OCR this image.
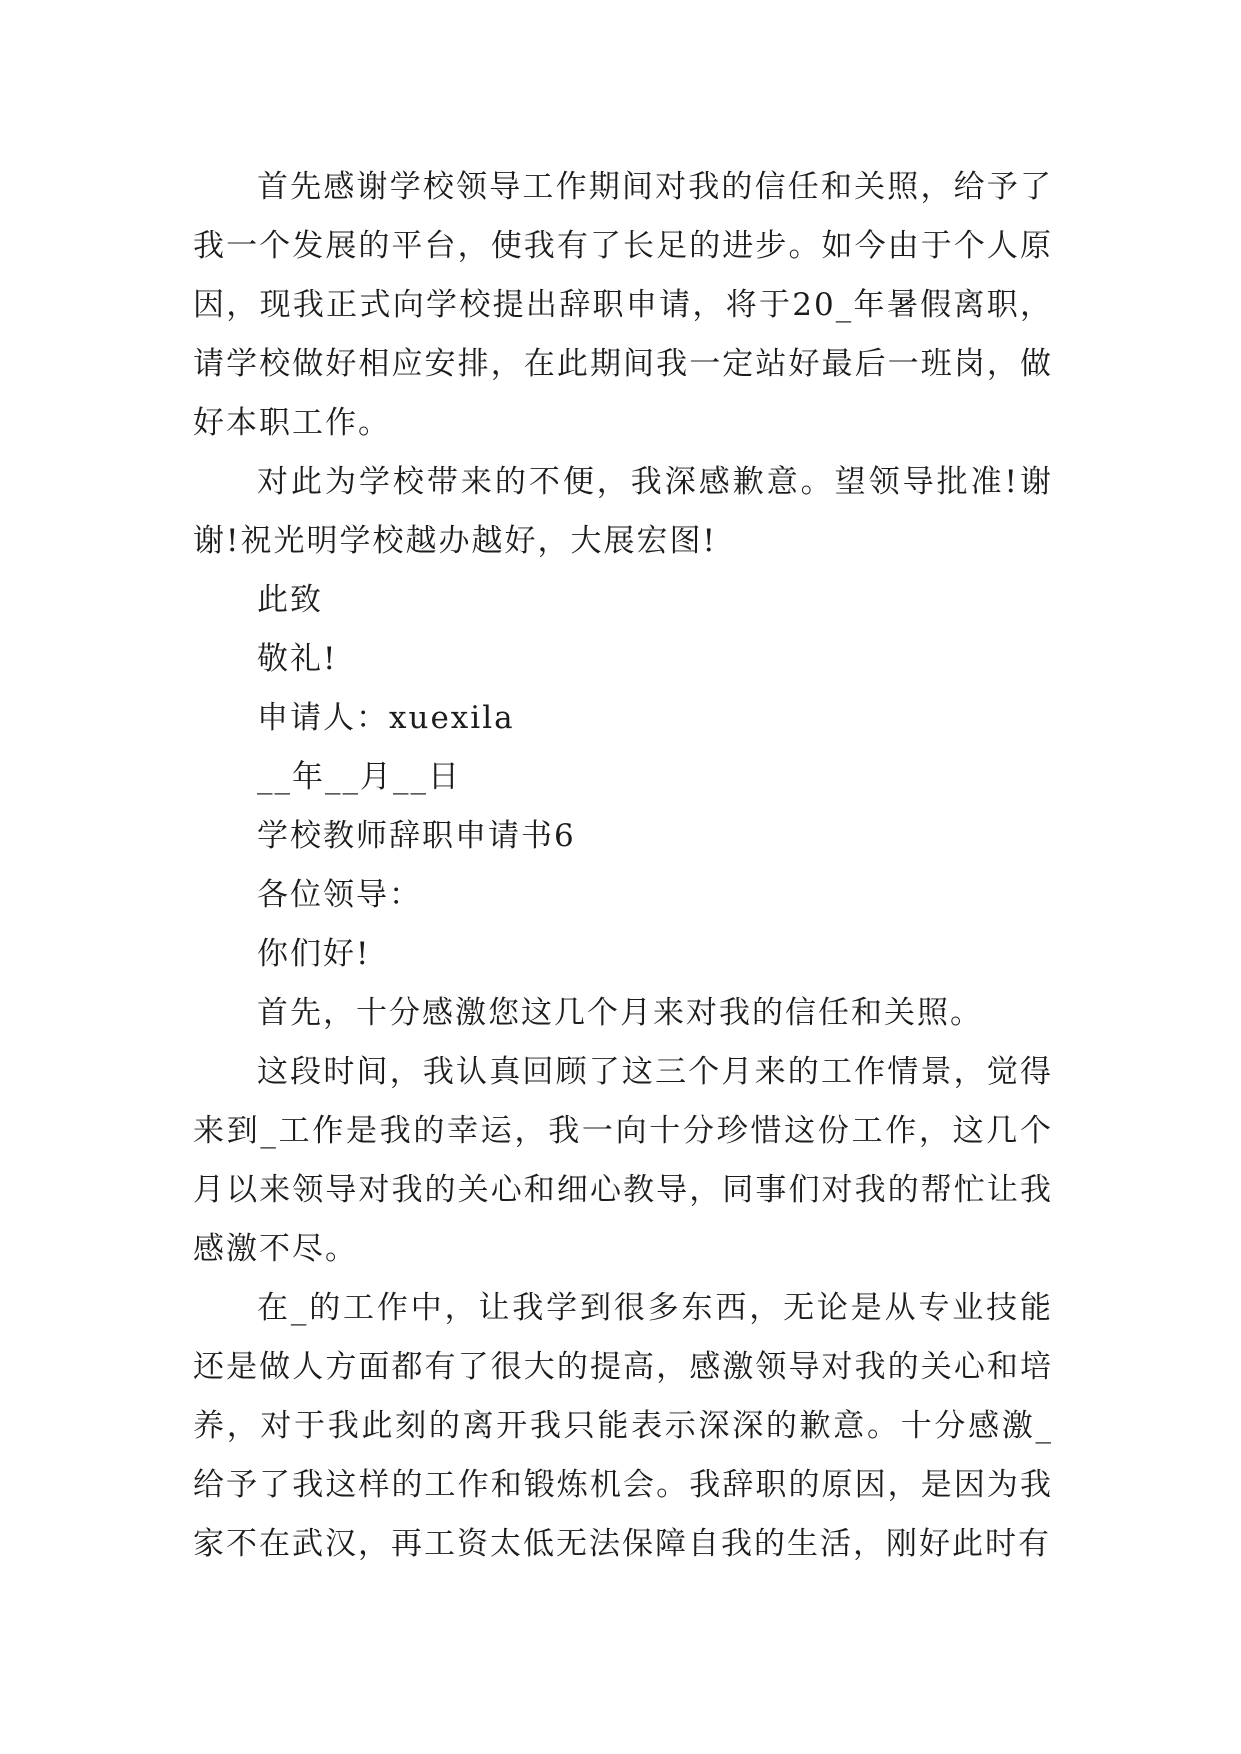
首先感谢学校领导工作期间对我的信任和关照，给予了我一个发展的平台，使我有了长足的进步。如今由于个人原因，现我正式向学校提出辞职申请，将于20_年暑假离职，请学校做好相应安排，在此期间我一定站好最后一班岗，做好本职工作。

对此为学校带来的不便，我深感歉意。望领导批准!谢谢!祝光明学校越办越好，大展宏图!

此致

敬礼!

申请人：xuexila

__年__月__日

学校教师辞职申请书6

各位领导：

你们好!

首先，十分感激您这几个月来对我的信任和关照。

这段时间，我认真回顾了这三个月来的工作情景，觉得来到_工作是我的幸运，我一向十分珍惜这份工作，这几个月以来领导对我的关心和细心教导，同事们对我的帮忙让我感激不尽。

在_的工作中，让我学到很多东西，无论是从专业技能还是做人方面都有了很大的提高，感激领导对我的关心和培养，对于我此刻的离开我只能表示深深的歉意。十分感激_给予了我这样的工作和锻炼机会。我辞职的原因，是因为我家不在武汉，再工资太低无法保障自我的生活，刚好此时有
